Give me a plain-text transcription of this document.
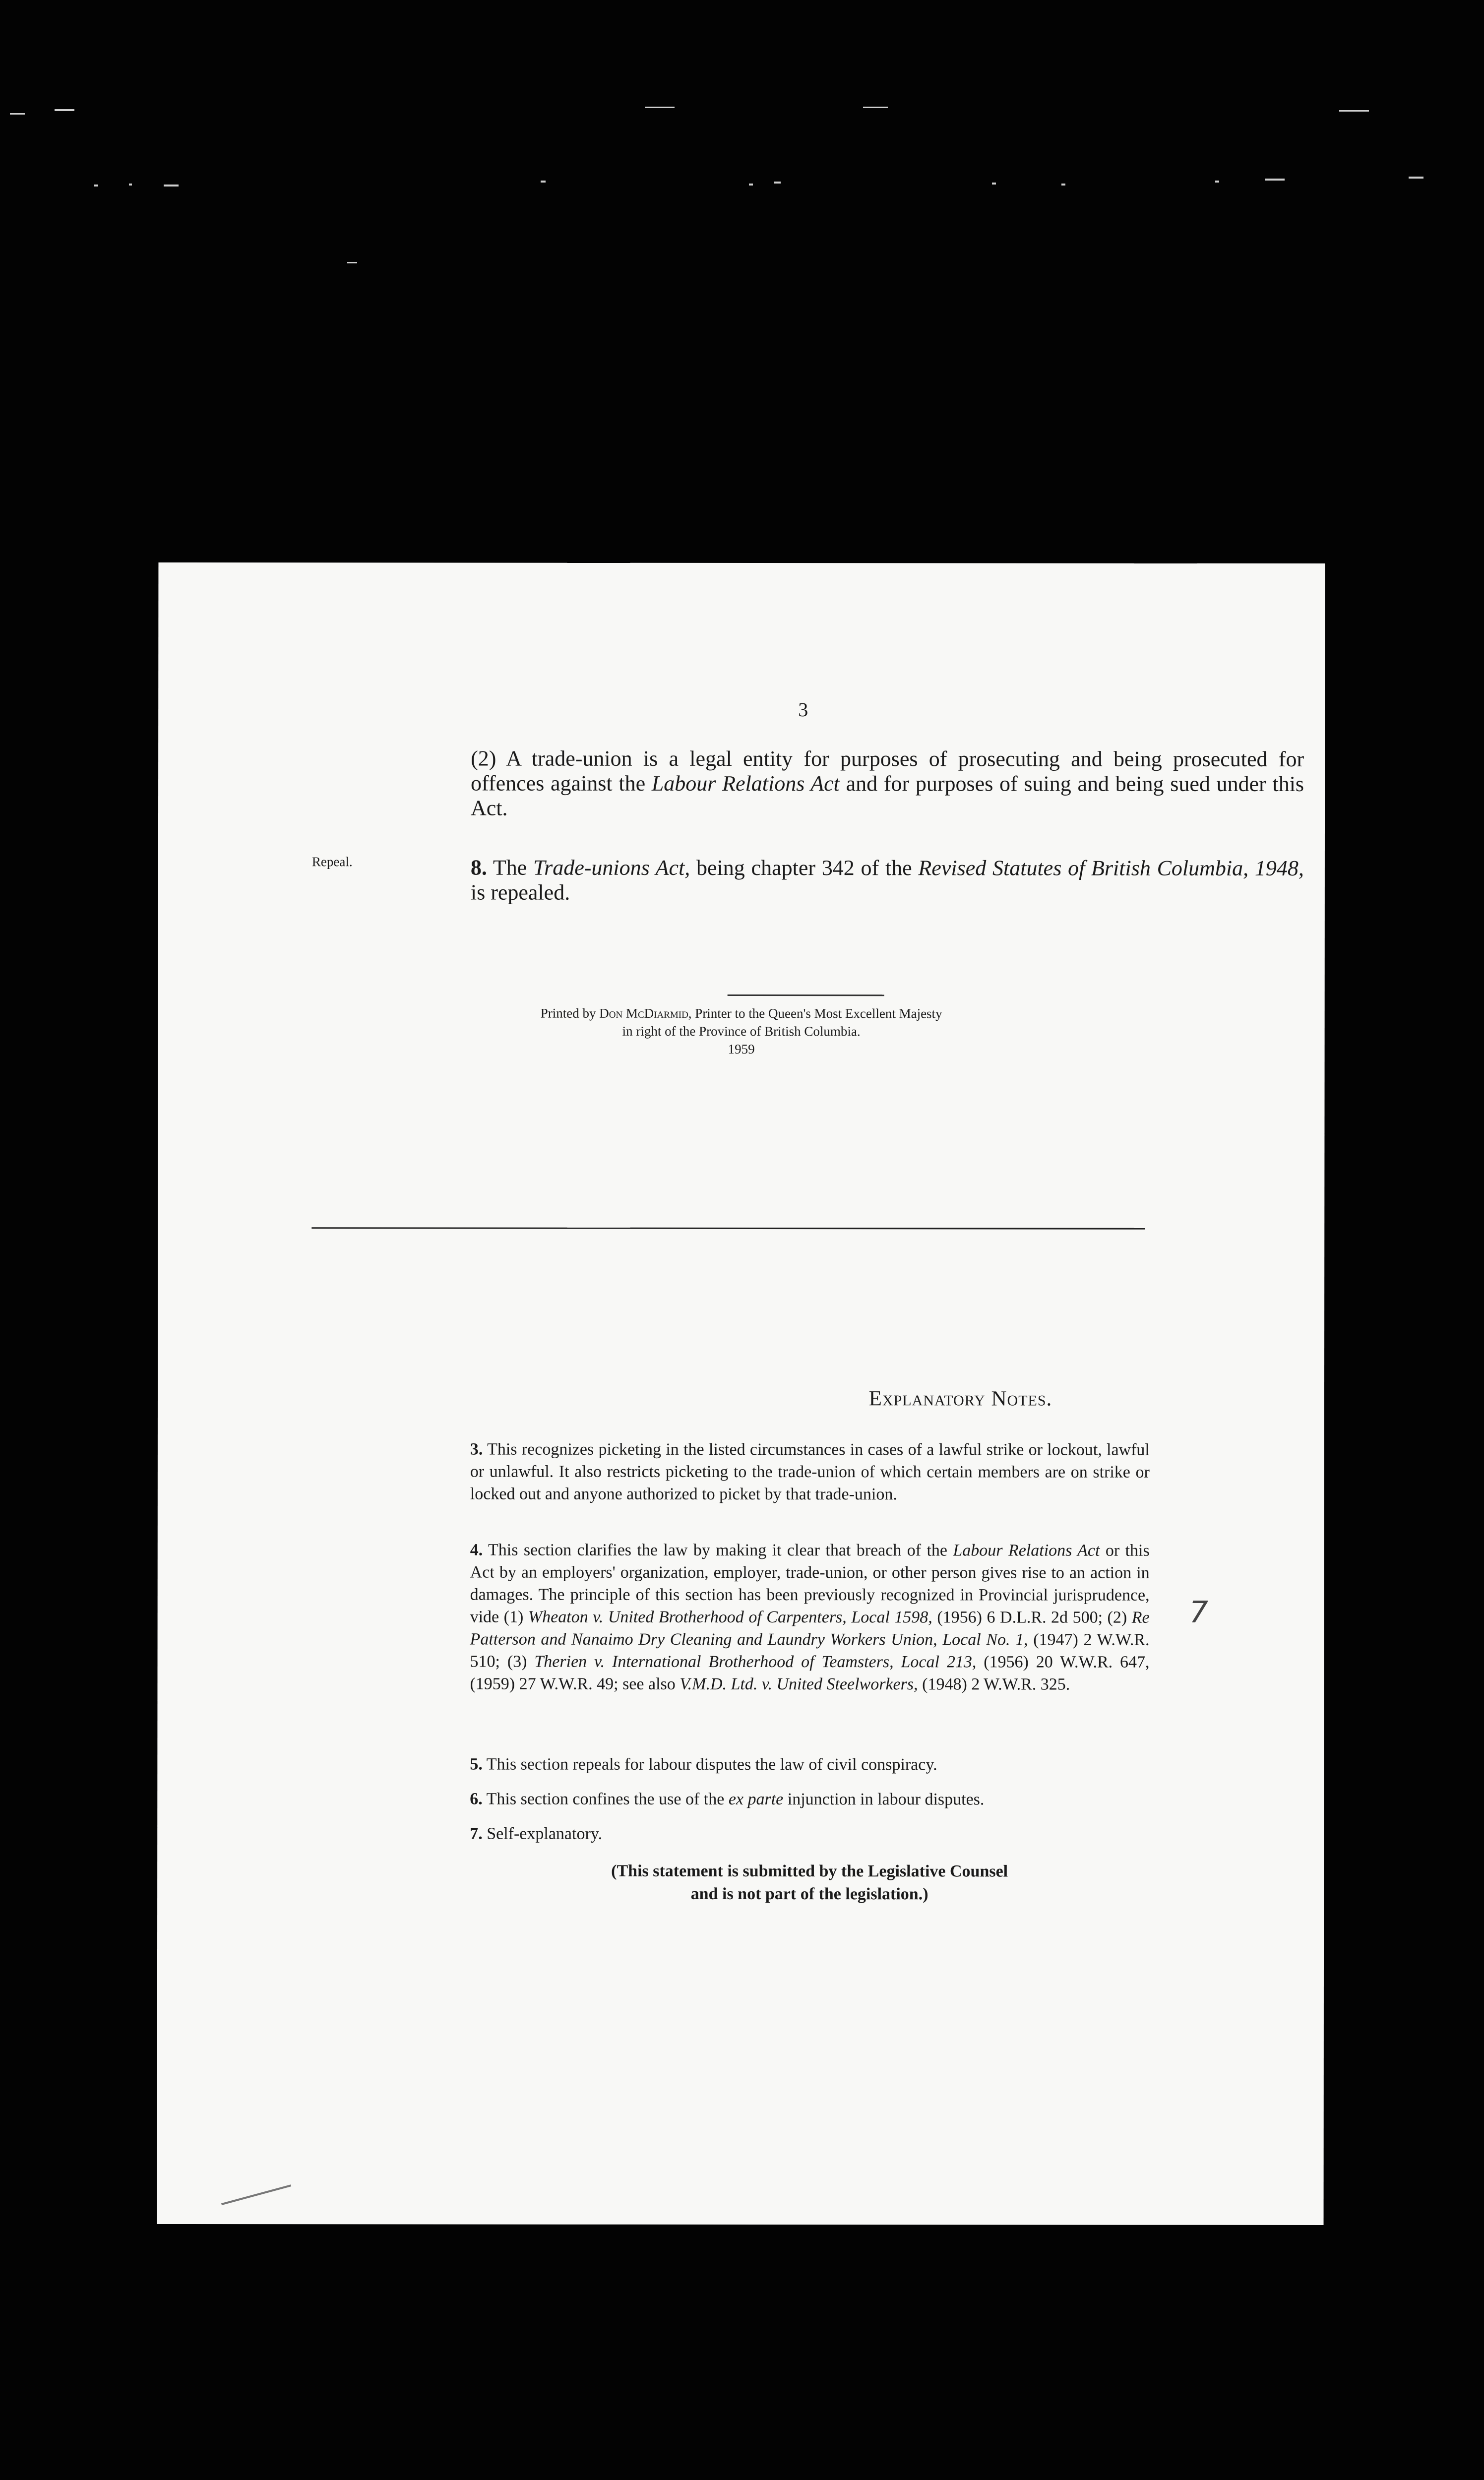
3
(2) A trade-union is a legal entity for purposes of prosecuting and being prosecuted for offences against the Labour Relations Act and for purposes of suing and being sued under this Act.
Repeal.	8. The Trade-unions Act, being chapter 342 of the Revised Statutes of British Columbia, 1948, is repealed.
Printed by Don McDiarmid, Printer to the Queen's Most Excellent Majesty
in right of the Province of British Columbia.
1959
Explanatory Notes.
3. This recognizes picketing in the listed circumstances in cases of a lawful strike or lockout, lawful or unlawful. It also restricts picketing to the trade-union of which certain members are on strike or locked out and anyone authorized to picket by that trade-union.
4. This section clarifies the law by making it clear that breach of the Labour Relations Act or this Act by an employers' organization, employer, trade-union, or other person gives rise to an action in damages. The principle of this section has been previously recognized in Provincial jurisprudence, vide (1) Wheaton v. United Brotherhood of Carpenters, Local 1598, (1956) 6 D.L.R. 2d 500; (2) Re Patterson and Nanaimo Dry Cleaning and Laundry Workers Union, Local No. 1, (1947) 2 W.W.R. 510; (3) Therien v. International Brotherhood of Teamsters, Local 213, (1956) 20 W.W.R. 647, (1959) 27 W.W.R. 49; see also V.M.D. Ltd. v. United Steelworkers, (1948) 2 W.W.R. 325.
5. This section repeals for labour disputes the law of civil conspiracy.
6. This section confines the use of the ex parte injunction in labour disputes.
7. Self-explanatory.
(This statement is submitted by the Legislative Counsel
and is not part of the legislation.)
7
